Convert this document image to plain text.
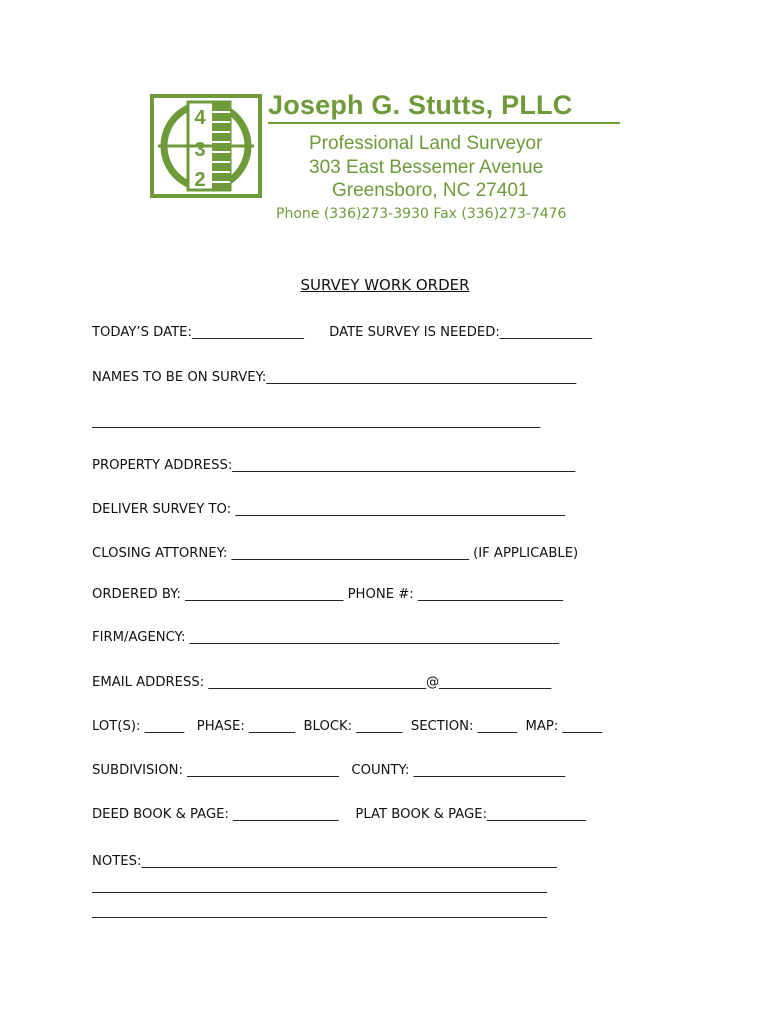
4
3
2
Joseph G. Stutts, PLLC
Professional Land Surveyor
303 East Bessemer Avenue
Greensboro, NC 27401
Phone (336)273-3930 Fax (336)273-7476
SURVEY WORK ORDER
TODAY’S DATE:_________________      DATE SURVEY IS NEEDED:______________
NAMES TO BE ON SURVEY:_______________________________________________
____________________________________________________________________
PROPERTY ADDRESS:____________________________________________________
DELIVER SURVEY TO: __________________________________________________
CLOSING ATTORNEY: ____________________________________ (IF APPLICABLE)
ORDERED BY: ________________________ PHONE #: ______________________
FIRM/AGENCY: ________________________________________________________
EMAIL ADDRESS: _________________________________@_________________
LOT(S): ______   PHASE: _______  BLOCK: _______  SECTION: ______  MAP: ______
SUBDIVISION: _______________________   COUNTY: _______________________
DEED BOOK & PAGE: ________________    PLAT BOOK & PAGE:_______________
NOTES:_______________________________________________________________
_____________________________________________________________________
_____________________________________________________________________
